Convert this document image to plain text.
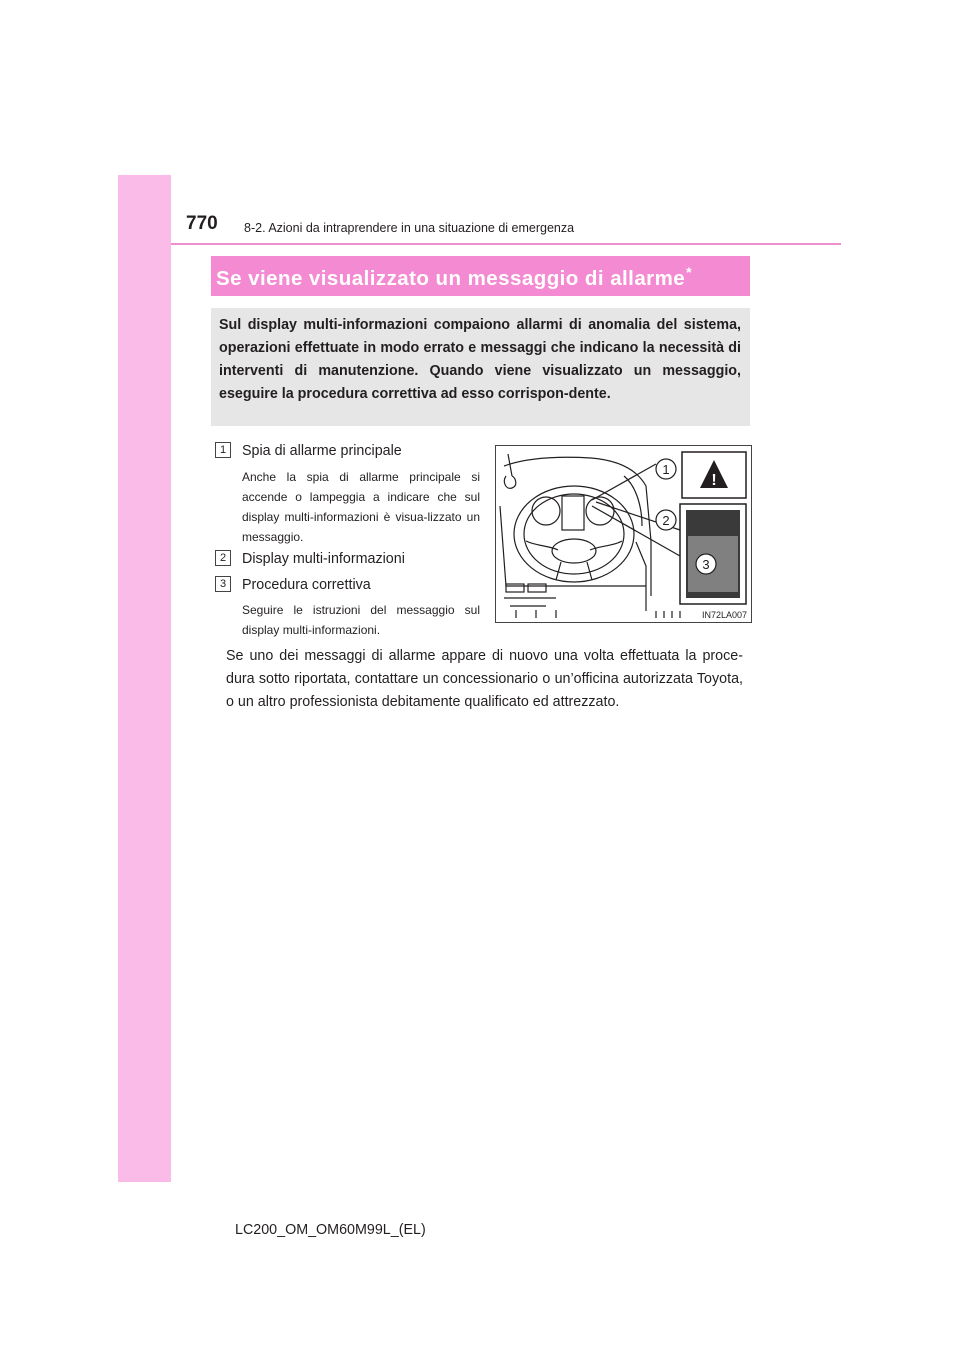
770 8-2. Azioni da intraprendere in una situazione di emergenza
Se viene visualizzato un messaggio di allarme*
Sul display multi-informazioni compaiono allarmi di anomalia del sistema, operazioni effettuate in modo errato e messaggi che indicano la necessità di interventi di manutenzione. Quando viene visualizzato un messaggio, eseguire la procedura correttiva ad esso corrispon-dente.
1	Spia di allarme principale
Anche la spia di allarme principale si accende o lampeggia a indicare che sul display multi-informazioni è visua-lizzato un messaggio.
2	Display multi-informazioni
3	Procedura correttiva
Seguire le istruzioni del messaggio sul display multi-informazioni.
!
1
2
3
IN72LA007
Se uno dei messaggi di allarme appare di nuovo una volta effettuata la proce-dura sotto riportata, contattare un concessionario o un’officina autorizzata Toyota, o un altro professionista debitamente qualificato ed attrezzato.
LC200_OM_OM60M99L_(EL)
